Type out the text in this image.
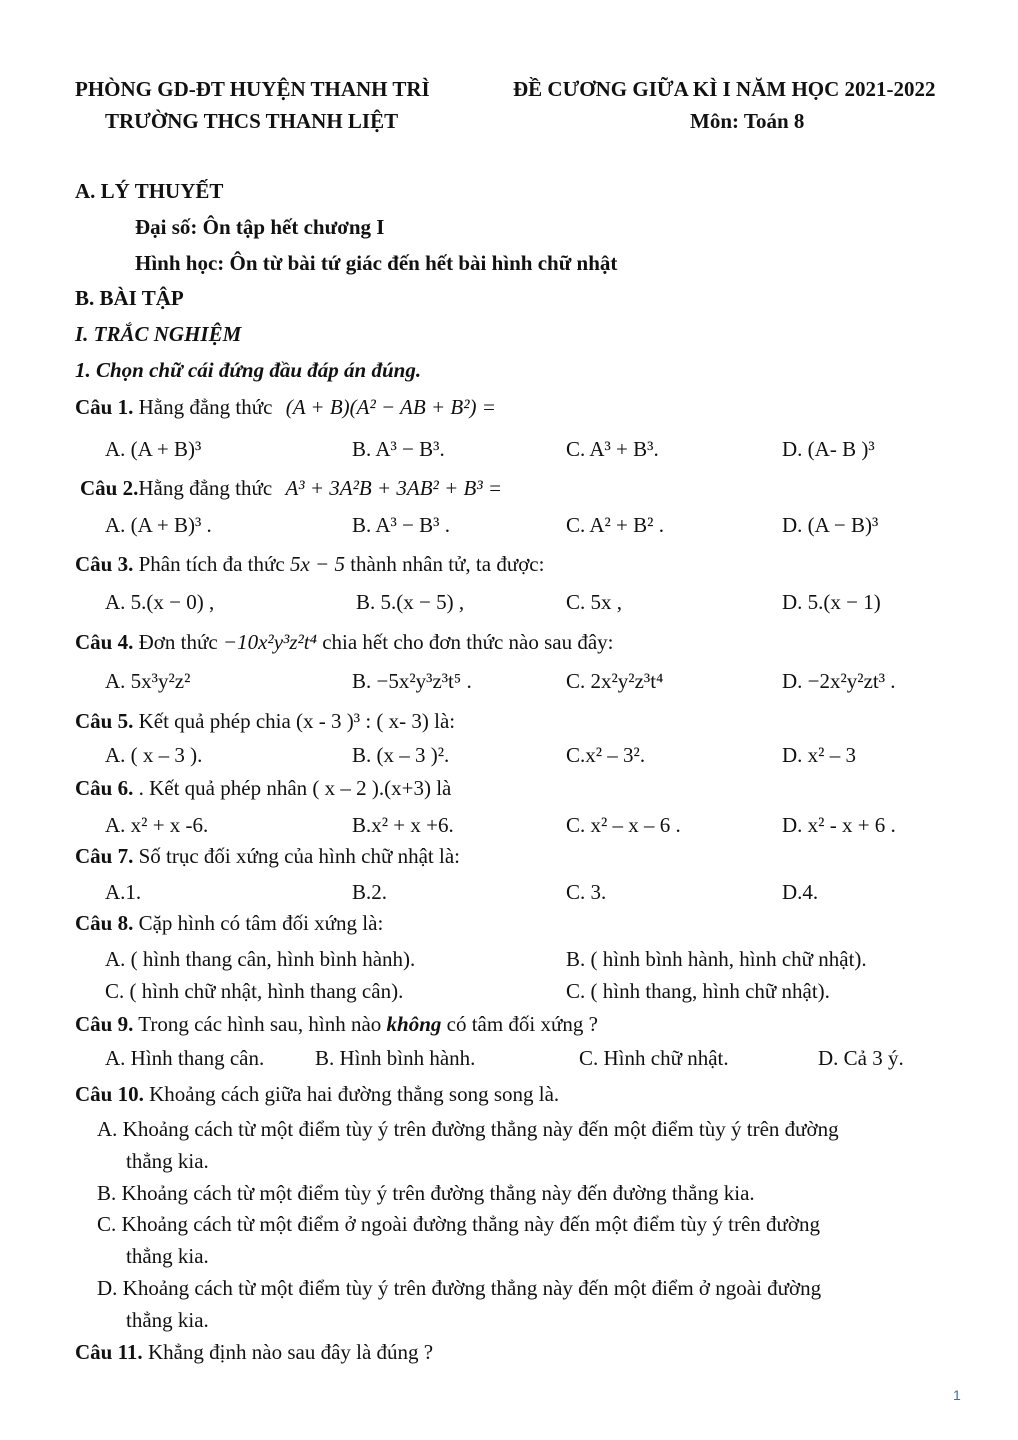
PHÒNG GD-ĐT HUYỆN THANH TRÌ
TRƯỜNG THCS THANH LIỆT
ĐỀ CƯƠNG GIỮA KÌ I NĂM HỌC 2021-2022
Môn: Toán 8
A. LÝ THUYẾT
Đại số: Ôn tập hết chương I
Hình học: Ôn từ bài tứ giác đến hết bài hình chữ nhật
B. BÀI TẬP
I. TRẮC NGHIỆM
1. Chọn chữ cái đứng đầu đáp án đúng.
Câu 1. Hằng đẳng thức (A + B)(A² − AB + B²) =
A. (A + B)³	B. A³ − B³.	C. A³ + B³.	D. (A- B )³
Câu 2.Hằng đẳng thức A³ + 3A²B + 3AB² + B³ =
A. (A + B)³ .	B. A³ − B³ .	C. A² + B² .	D. (A − B)³
Câu 3. Phân tích đa thức 5x − 5 thành nhân tử, ta được:
A. 5.(x − 0) ,	B. 5.(x − 5) ,	C. 5x ,	D. 5.(x − 1)
Câu 4. Đơn thức −10x²y³z²t⁴ chia hết cho đơn thức nào sau đây:
A. 5x³y²z²	B. −5x²y³z³t⁵ .	C. 2x²y²z³t⁴	D. −2x²y²zt³ .
Câu 5. Kết quả phép chia (x - 3 )³ : ( x- 3) là:
A. ( x – 3 ).	B. (x – 3 )².	C.x² – 3².	D. x² – 3
Câu 6. . Kết quả phép nhân ( x – 2 ).(x+3) là
A. x² + x -6.	B.x² + x +6.	C. x² – x – 6 .	D. x² - x + 6 .
Câu 7. Số trục đối xứng của hình chữ nhật là:
A.1.	B.2.	C. 3.	D.4.
Câu 8. Cặp hình có tâm đối xứng là:
A. ( hình thang cân, hình bình hành).	B. ( hình bình hành, hình chữ nhật).
C. ( hình chữ nhật, hình thang cân).	C. ( hình thang, hình chữ nhật).
Câu 9. Trong các hình sau, hình nào không có tâm đối xứng ?
A. Hình thang cân. B. Hình bình hành.	C. Hình chữ nhật.	D. Cả 3 ý.
Câu 10. Khoảng cách giữa hai đường thẳng song song là.
A. Khoảng cách từ một điểm tùy ý trên đường thẳng này đến một điểm tùy ý trên đường
thẳng kia.
B. Khoảng cách từ một điểm tùy ý trên đường thẳng này đến đường thẳng kia.
C. Khoảng cách từ một điểm ở ngoài đường thẳng này đến một điểm tùy ý trên đường
thẳng kia.
D. Khoảng cách từ một điểm tùy ý trên đường thẳng này đến một điểm ở ngoài đường
thẳng kia.
Câu 11. Khẳng định nào sau đây là đúng ?
1
